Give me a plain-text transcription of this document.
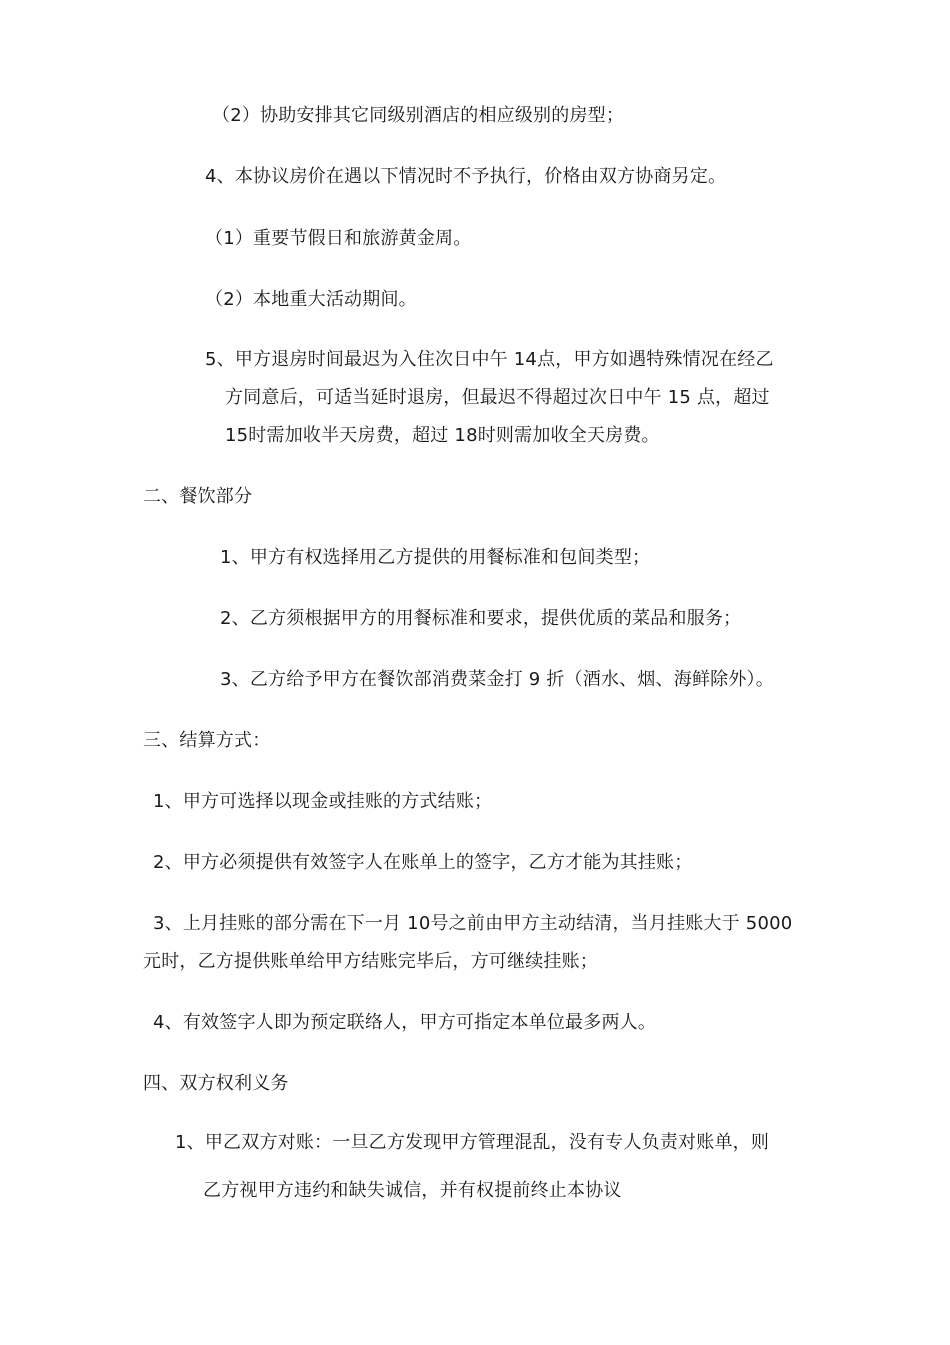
（2）协助安排其它同级别酒店的相应级别的房型；
4、本协议房价在遇以下情况时不予执行，价格由双方协商另定。
（1）重要节假日和旅游黄金周。
（2）本地重大活动期间。
5、甲方退房时间最迟为入住次日中午 14点，甲方如遇特殊情况在经乙
方同意后，可适当延时退房，但最迟不得超过次日中午 15 点，超过
15时需加收半天房费，超过 18时则需加收全天房费。
二、餐饮部分
1、甲方有权选择用乙方提供的用餐标准和包间类型；
2、乙方须根据甲方的用餐标准和要求，提供优质的菜品和服务；
3、乙方给予甲方在餐饮部消费菜金打 9 折（酒水、烟、海鲜除外）。
三、结算方式：
1、甲方可选择以现金或挂账的方式结账；
2、甲方必须提供有效签字人在账单上的签字，乙方才能为其挂账；
3、上月挂账的部分需在下一月 10号之前由甲方主动结清，当月挂账大于 5000
元时，乙方提供账单给甲方结账完毕后，方可继续挂账；
4、有效签字人即为预定联络人，甲方可指定本单位最多两人。
四、双方权利义务
1、甲乙双方对账：一旦乙方发现甲方管理混乱，没有专人负责对账单，则
乙方视甲方违约和缺失诚信，并有权提前终止本协议
